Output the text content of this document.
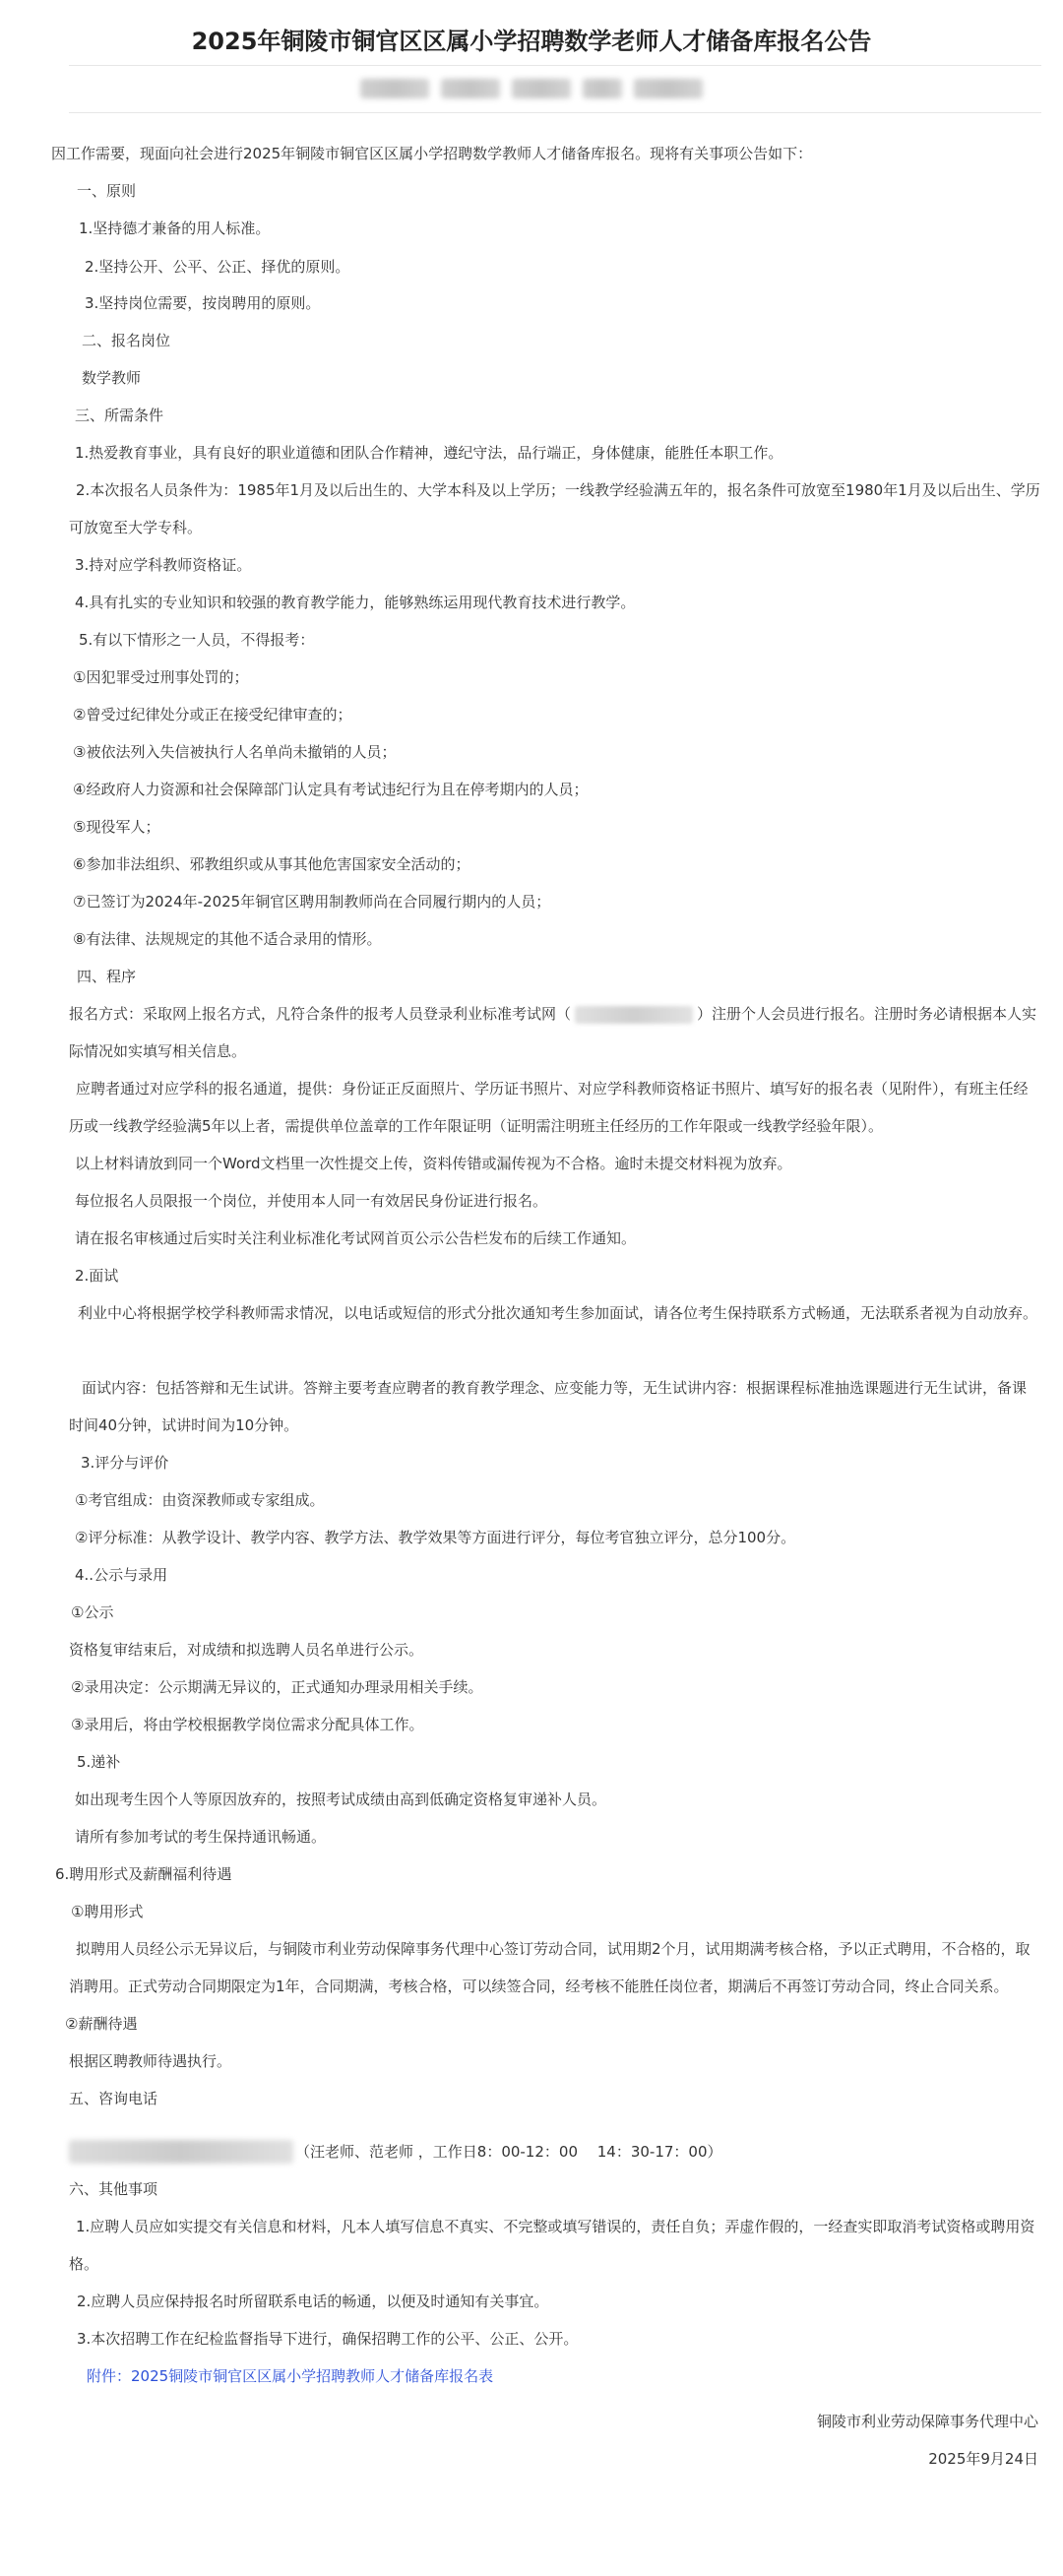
2025年铜陵市铜官区区属小学招聘数学老师人才储备库报名公告

因工作需要，现面向社会进行2025年铜陵市铜官区区属小学招聘数学教师人才储备库报名。现将有关事项公告如下：

一、原则

1.坚持德才兼备的用人标准。

2.坚持公开、公平、公正、择优的原则。

3.坚持岗位需要，按岗聘用的原则。

二、报名岗位

数学教师

三、所需条件

1.热爱教育事业，具有良好的职业道德和团队合作精神，遵纪守法，品行端正，身体健康，能胜任本职工作。

2.本次报名人员条件为：1985年1月及以后出生的、大学本科及以上学历；一线教学经验满五年的，报名条件可放宽至1980年1月及以后出生、学历可放宽至大学专科。

3.持对应学科教师资格证。

4.具有扎实的专业知识和较强的教育教学能力，能够熟练运用现代教育技术进行教学。

5.有以下情形之一人员，不得报考：

①因犯罪受过刑事处罚的；

②曾受过纪律处分或正在接受纪律审查的；

③被依法列入失信被执行人名单尚未撤销的人员；

④经政府人力资源和社会保障部门认定具有考试违纪行为且在停考期内的人员；

⑤现役军人；

⑥参加非法组织、邪教组织或从事其他危害国家安全活动的；

⑦已签订为2024年-2025年铜官区聘用制教师尚在合同履行期内的人员；

⑧有法律、法规规定的其他不适合录用的情形。

四、程序

报名方式：采取网上报名方式，凡符合条件的报考人员登录利业标准考试网（	）注册个人会员进行报名。注册时务必请根据本人实际情况如实填写相关信息。

应聘者通过对应学科的报名通道，提供：身份证正反面照片、学历证书照片、对应学科教师资格证书照片、填写好的报名表（见附件），有班主任经历或一线教学经验满5年以上者，需提供单位盖章的工作年限证明（证明需注明班主任经历的工作年限或一线教学经验年限）。

以上材料请放到同一个Word文档里一次性提交上传，资料传错或漏传视为不合格。逾时未提交材料视为放弃。

每位报名人员限报一个岗位，并使用本人同一有效居民身份证进行报名。

请在报名审核通过后实时关注利业标准化考试网首页公示公告栏发布的后续工作通知。

2.面试

利业中心将根据学校学科教师需求情况，以电话或短信的形式分批次通知考生参加面试，请各位考生保持联系方式畅通，无法联系者视为自动放弃。

面试内容：包括答辩和无生试讲。答辩主要考查应聘者的教育教学理念、应变能力等，无生试讲内容：根据课程标准抽选课题进行无生试讲，备课时间40分钟，试讲时间为10分钟。

3.评分与评价

①考官组成：由资深教师或专家组成。

②评分标准：从教学设计、教学内容、教学方法、教学效果等方面进行评分，每位考官独立评分，总分100分。

4..公示与录用

①公示

资格复审结束后，对成绩和拟选聘人员名单进行公示。

②录用决定：公示期满无异议的，正式通知办理录用相关手续。

③录用后，将由学校根据教学岗位需求分配具体工作。

5.递补

如出现考生因个人等原因放弃的，按照考试成绩由高到低确定资格复审递补人员。

请所有参加考试的考生保持通讯畅通。

6.聘用形式及薪酬福利待遇

①聘用形式

拟聘用人员经公示无异议后，与铜陵市利业劳动保障事务代理中心签订劳动合同，试用期2个月，试用期满考核合格，予以正式聘用，不合格的，取消聘用。正式劳动合同期限定为1年，合同期满，考核合格，可以续签合同，经考核不能胜任岗位者，期满后不再签订劳动合同，终止合同关系。

②薪酬待遇

根据区聘教师待遇执行。

五、咨询电话

（汪老师、范老师 ，工作日8：00-12：00　 14：30-17：00）

六、其他事项

1.应聘人员应如实提交有关信息和材料，凡本人填写信息不真实、不完整或填写错误的，责任自负；弄虚作假的，一经查实即取消考试资格或聘用资格。

2.应聘人员应保持报名时所留联系电话的畅通，以便及时通知有关事宜。

3.本次招聘工作在纪检监督指导下进行，确保招聘工作的公平、公正、公开。

附件：2025铜陵市铜官区区属小学招聘教师人才储备库报名表

铜陵市利业劳动保障事务代理中心

2025年9月24日
